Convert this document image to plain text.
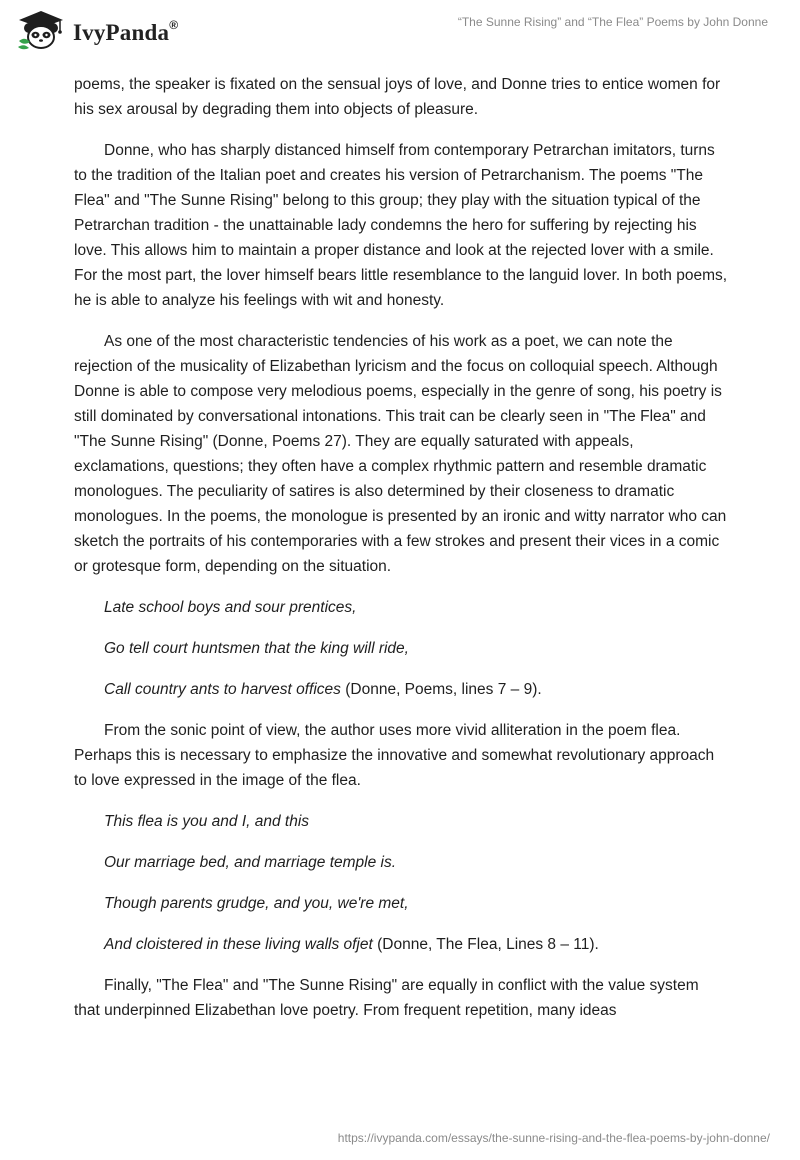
IvyPanda®	“The Sunne Rising” and “The Flea” Poems by John Donne

poems, the speaker is fixated on the sensual joys of love, and Donne tries to entice women for his sex arousal by degrading them into objects of pleasure.

Donne, who has sharply distanced himself from contemporary Petrarchan imitators, turns to the tradition of the Italian poet and creates his version of Petrarchanism. The poems "The Flea" and "The Sunne Rising" belong to this group; they play with the situation typical of the Petrarchan tradition - the unattainable lady condemns the hero for suffering by rejecting his love. This allows him to maintain a proper distance and look at the rejected lover with a smile. For the most part, the lover himself bears little resemblance to the languid lover. In both poems, he is able to analyze his feelings with wit and honesty.

As one of the most characteristic tendencies of his work as a poet, we can note the rejection of the musicality of Elizabethan lyricism and the focus on colloquial speech. Although Donne is able to compose very melodious poems, especially in the genre of song, his poetry is still dominated by conversational intonations. This trait can be clearly seen in "The Flea" and "The Sunne Rising" (Donne, Poems 27). They are equally saturated with appeals, exclamations, questions; they often have a complex rhythmic pattern and resemble dramatic monologues. The peculiarity of satires is also determined by their closeness to dramatic monologues. In the poems, the monologue is presented by an ironic and witty narrator who can sketch the portraits of his contemporaries with a few strokes and present their vices in a comic or grotesque form, depending on the situation.

Late school boys and sour prentices,

Go tell court huntsmen that the king will ride,

Call country ants to harvest offices (Donne, Poems, lines 7 – 9).

From the sonic point of view, the author uses more vivid alliteration in the poem flea. Perhaps this is necessary to emphasize the innovative and somewhat revolutionary approach to love expressed in the image of the flea.

This flea is you and I, and this

Our marriage bed, and marriage temple is.

Though parents grudge, and you, we're met,

And cloistered in these living walls ofjet (Donne, The Flea, Lines 8 – 11).

Finally, "The Flea" and "The Sunne Rising" are equally in conflict with the value system that underpinned Elizabethan love poetry. From frequent repetition, many ideas

https://ivypanda.com/essays/the-sunne-rising-and-the-flea-poems-by-john-donne/
